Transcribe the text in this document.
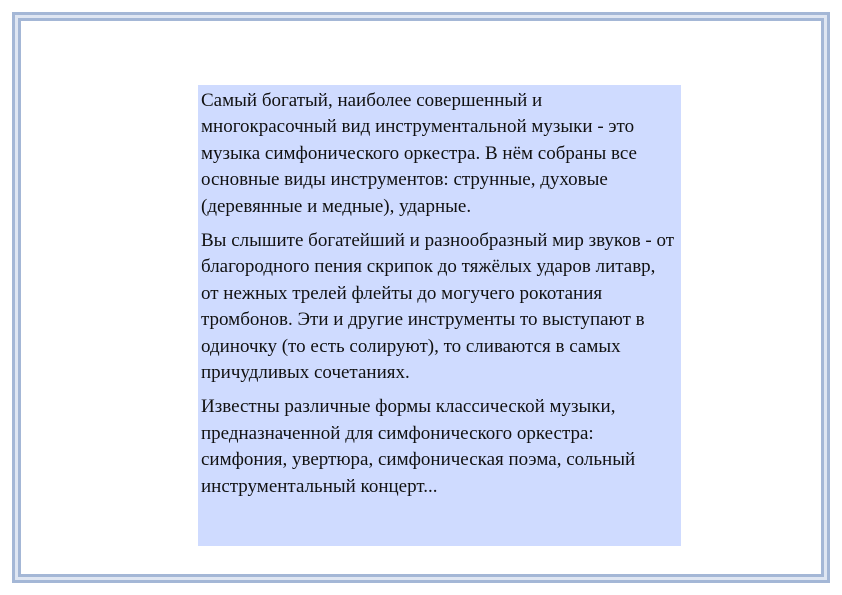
Самый богатый, наиболее совершенный и многокрасочный вид инструментальной музыки - это музыка симфонического оркестра. В нём собраны все основные виды инструментов: струнные, духовые (деревянные и медные), ударные.

Вы слышите богатейший и разнообразный мир звуков - от благородного пения скрипок до тяжёлых ударов литавр, от нежных трелей флейты до могучего рокотания тромбонов. Эти и другие инструменты то выступают в одиночку (то есть солируют), то сливаются в самых причудливых сочетаниях.

Известны различные формы классической музыки, предназначенной для симфонического оркестра: симфония, увертюра, симфоническая поэма, сольный инструментальный концерт...
